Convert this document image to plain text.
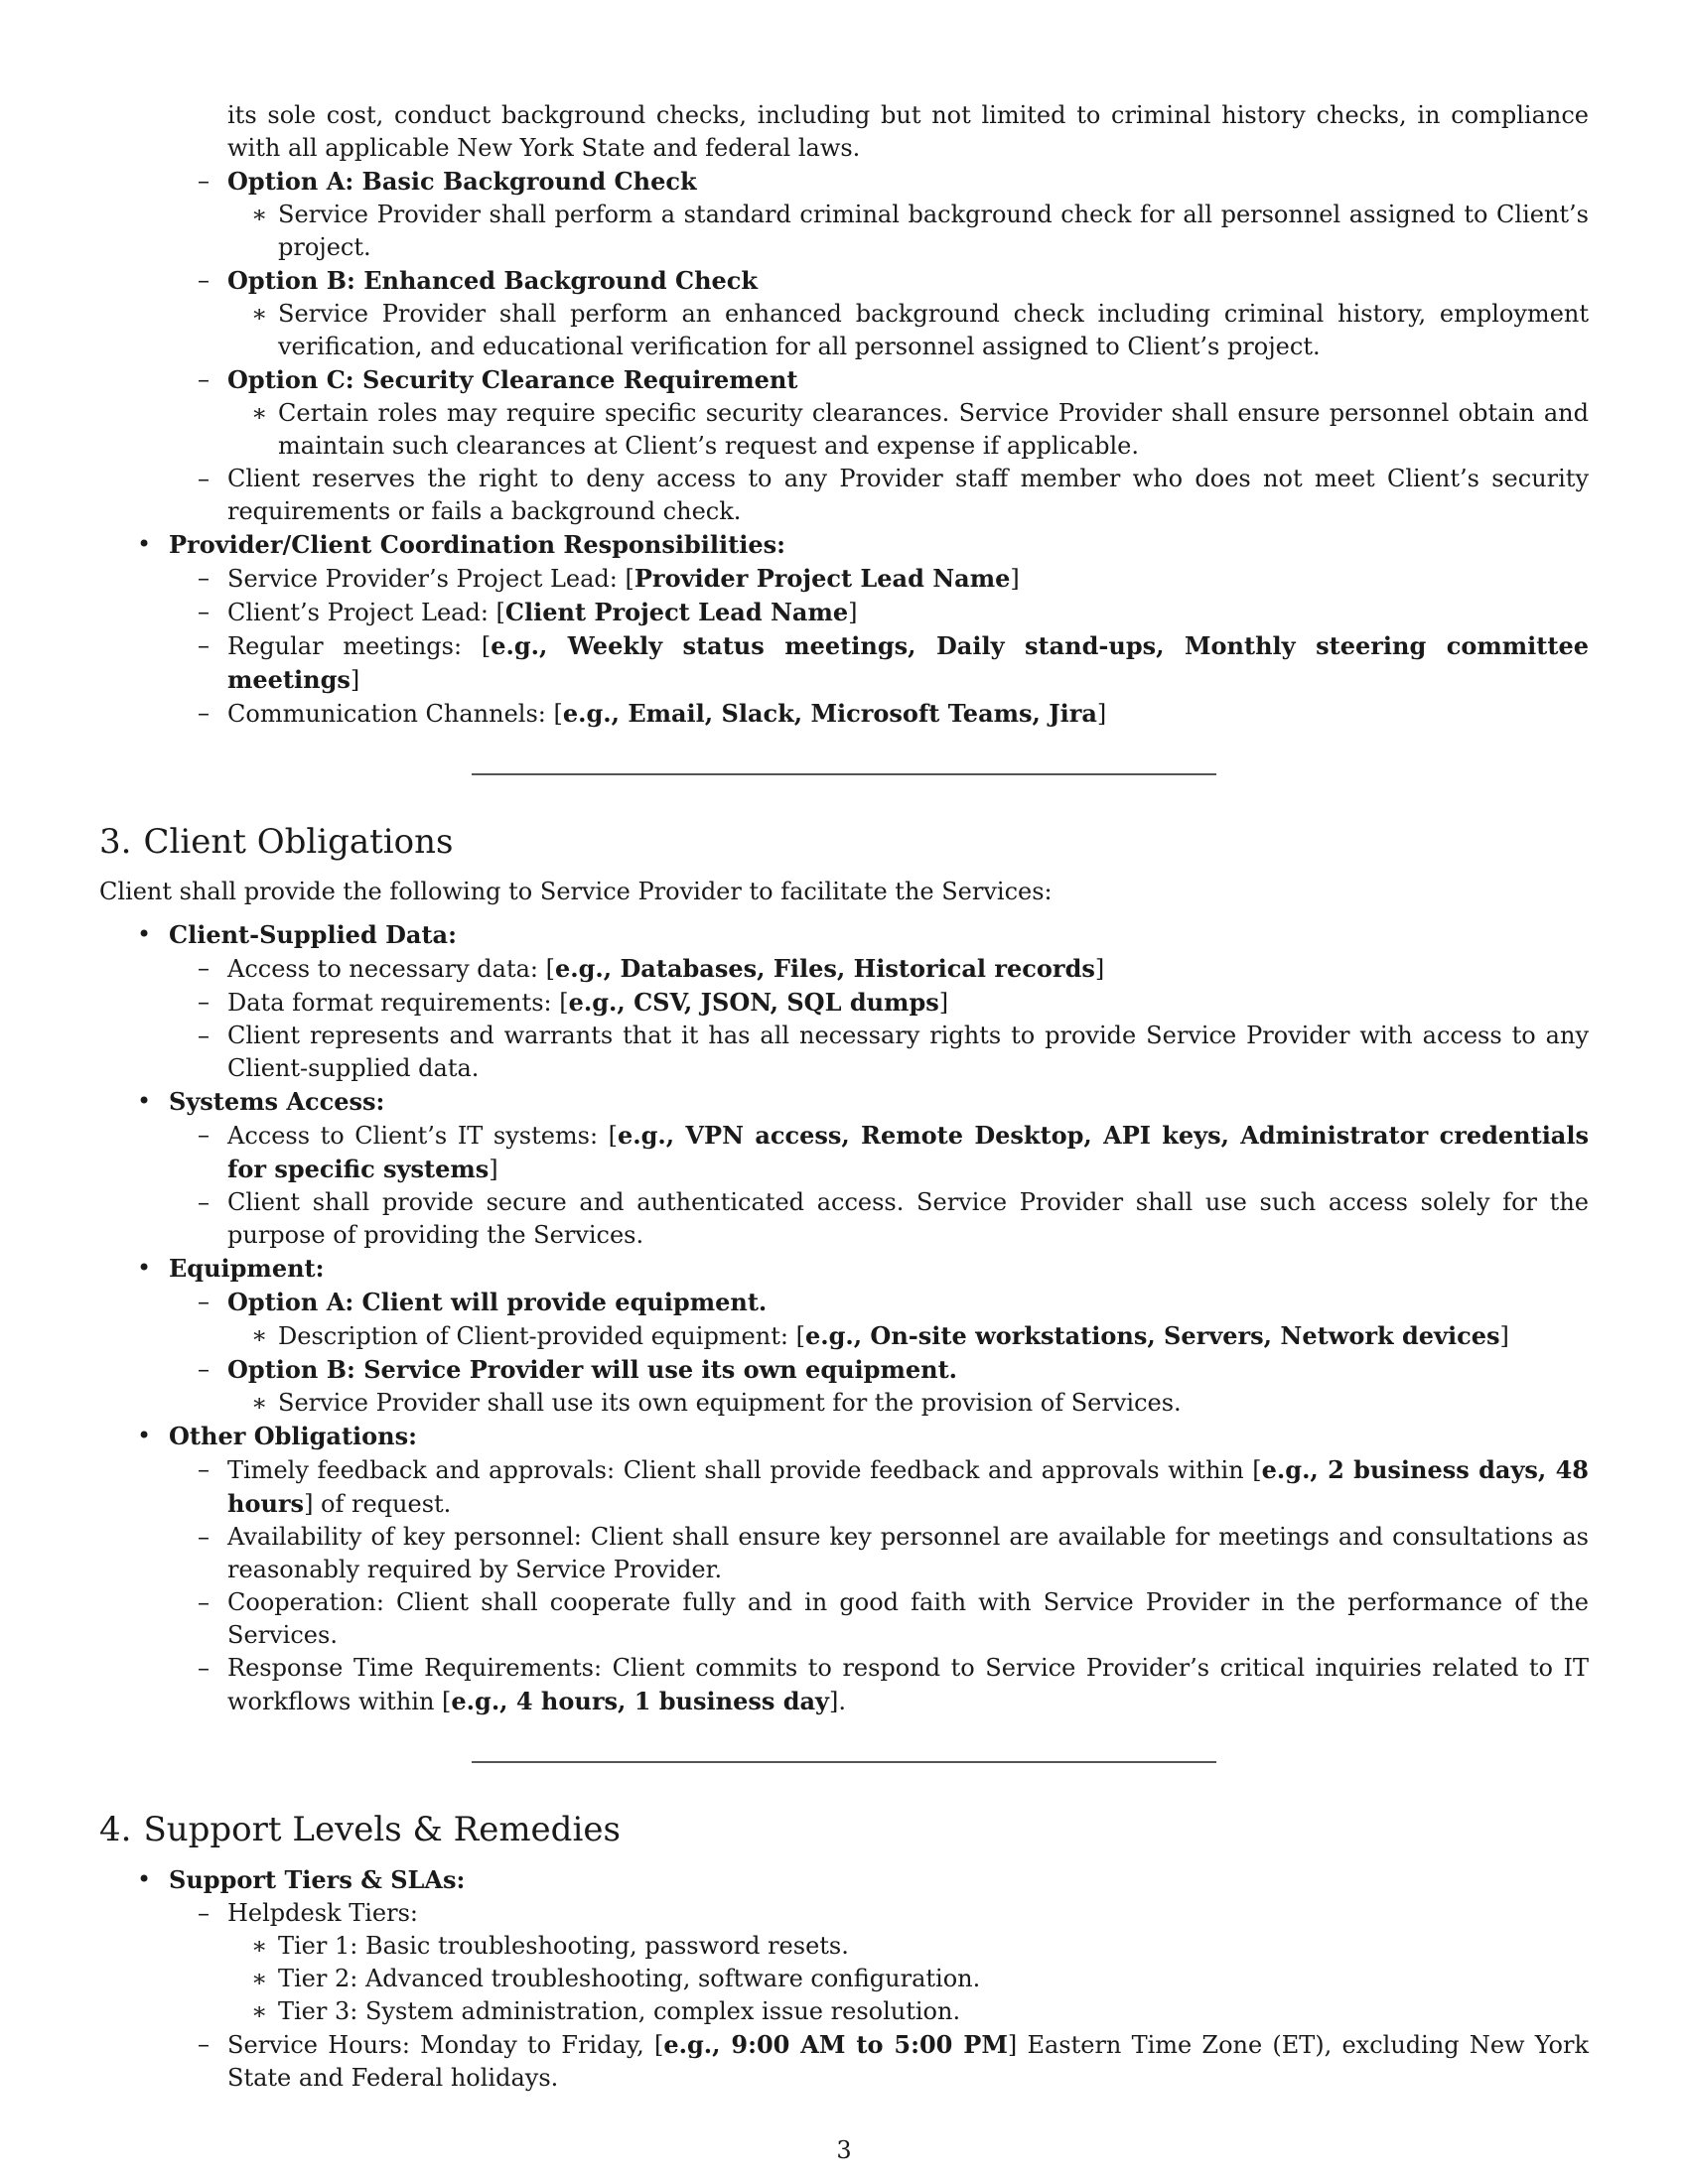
its sole cost, conduct background checks, including but not limited to criminal history checks, in compliance with all applicable New York State and federal laws.

– Option A: Basic Background Check
∗ Service Provider shall perform a standard criminal background check for all personnel assigned to Client’s project.
– Option B: Enhanced Background Check
∗ Service Provider shall perform an enhanced background check including criminal history, employment verification, and educational verification for all personnel assigned to Client’s project.
– Option C: Security Clearance Requirement
∗ Certain roles may require specific security clearances. Service Provider shall ensure personnel obtain and maintain such clearances at Client’s request and expense if applicable.
– Client reserves the right to deny access to any Provider staff member who does not meet Client’s security requirements or fails a background check.
• Provider/Client Coordination Responsibilities:
– Service Provider’s Project Lead: [Provider Project Lead Name]
– Client’s Project Lead: [Client Project Lead Name]
– Regular meetings: [e.g., Weekly status meetings, Daily stand-ups, Monthly steering committee meetings]
– Communication Channels: [e.g., Email, Slack, Microsoft Teams, Jira]
3. Client Obligations

Client shall provide the following to Service Provider to facilitate the Services:

• Client-Supplied Data:
– Access to necessary data: [e.g., Databases, Files, Historical records]
– Data format requirements: [e.g., CSV, JSON, SQL dumps]
– Client represents and warrants that it has all necessary rights to provide Service Provider with access to any Client-supplied data.
• Systems Access:
– Access to Client’s IT systems: [e.g., VPN access, Remote Desktop, API keys, Administrator credentials for specific systems]
– Client shall provide secure and authenticated access. Service Provider shall use such access solely for the purpose of providing the Services.
• Equipment:
– Option A: Client will provide equipment.
∗ Description of Client-provided equipment: [e.g., On-site workstations, Servers, Network devices]
– Option B: Service Provider will use its own equipment.
∗ Service Provider shall use its own equipment for the provision of Services.
• Other Obligations:
– Timely feedback and approvals: Client shall provide feedback and approvals within [e.g., 2 business days, 48 hours] of request.
– Availability of key personnel: Client shall ensure key personnel are available for meetings and consultations as reasonably required by Service Provider.
– Cooperation: Client shall cooperate fully and in good faith with Service Provider in the performance of the Services.
– Response Time Requirements: Client commits to respond to Service Provider’s critical inquiries related to IT workflows within [e.g., 4 hours, 1 business day].
4. Support Levels & Remedies
• Support Tiers & SLAs:
– Helpdesk Tiers:
∗ Tier 1: Basic troubleshooting, password resets.
∗ Tier 2: Advanced troubleshooting, software configuration.
∗ Tier 3: System administration, complex issue resolution.
– Service Hours: Monday to Friday, [e.g., 9:00 AM to 5:00 PM] Eastern Time Zone (ET), excluding New York State and Federal holidays.
3
